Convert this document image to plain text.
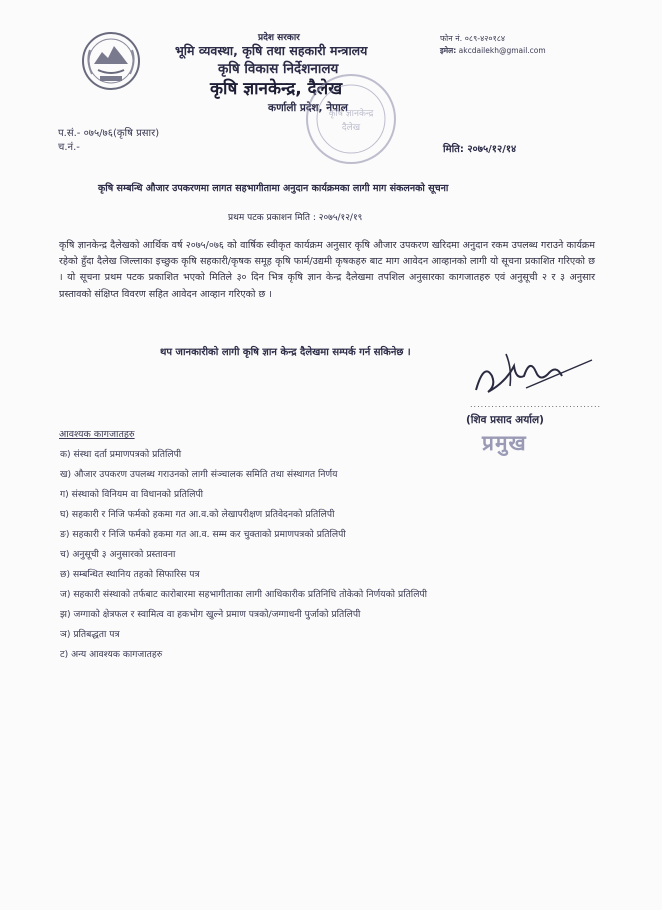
प्रदेश सरकार
भूमि व्यवस्था, कृषि तथा सहकारी मन्त्रालय
कृषि विकास निर्देशनालय
कृषि ज्ञानकेन्द्र, दैलेख
कर्णाली प्रदेश, नेपाल
फोन नं. ०८९-४२०१८४
इमेल: akcdailekh@gmail.com
कृषि ज्ञानकेन्द्र
दैलेख
प.सं.- ०७५/७६(कृषि प्रसार)
च.नं.-	मिति: २०७५/१२/१४
कृषि सम्बन्धि औजार उपकरणमा लागत सहभागीतामा अनुदान कार्यक्रमका लागी माग संकलनको सूचना
प्रथम पटक प्रकाशन मिति : २०७५/१२/१९
कृषि ज्ञानकेन्द्र दैलेखको आर्थिक वर्ष २०७५/०७६ को वार्षिक स्वीकृत कार्यक्रम अनुसार कृषि औजार उपकरण खरिदमा अनुदान रकम उपलब्ध गराउने कार्यक्रम रहेको हुँदा दैलेख जिल्लाका इच्छुक कृषि सहकारी/कृषक समूह कृषि फार्म/उद्यमी कृषकहरु बाट माग आवेदन आव्हानको लागी यो सूचना प्रकाशित गरिएको छ । यो सूचना प्रथम पटक प्रकाशित भएको मितिले ३० दिन भित्र कृषि ज्ञान केन्द्र दैलेखमा तपशिल अनुसारका कागजातहरु एवं अनुसूची २ र ३ अनुसार प्रस्तावको संक्षिप्त विवरण सहित आवेदन आव्हान गरिएको छ ।
थप जानकारीको लागी कृषि ज्ञान केन्द्र दैलेखमा सम्पर्क गर्न सकिनेछ ।
.....................................
(शिव प्रसाद अर्याल)
प्रमुख
आवश्यक कागजातहरु
क) संस्था दर्ता प्रमाणपत्रको प्रतिलिपी
ख) औजार उपकरण उपलब्ध गराउनको लागी संञ्चालक समिति तथा संस्थागत निर्णय
ग) संस्थाको विनियम वा विधानको प्रतिलिपी
घ) सहकारी र निजि फर्मको हकमा गत आ.व.को लेखापरीक्षण प्रतिवेदनको प्रतिलिपी
ङ) सहकारी र निजि फर्मको हकमा गत आ.व. सम्म कर चुक्ताको प्रमाणपत्रको प्रतिलिपी
च) अनुसूची ३ अनुसारको प्रस्तावना
छ) सम्बन्धित स्थानिय तहको सिफारिस पत्र
ज) सहकारी संस्थाको तर्फबाट कारोबारमा सहभागीताका लागी आधिकारीक प्रतिनिधि तोकेको निर्णयको प्रतिलिपी
झ) जग्गाको क्षेत्रफल र स्वामित्व वा हकभोग खुल्ने प्रमाण पत्रको/जग्गाधनी पुर्जाको प्रतिलिपी
ञ) प्रतिबद्धता पत्र
ट) अन्य आवश्यक कागजातहरु
